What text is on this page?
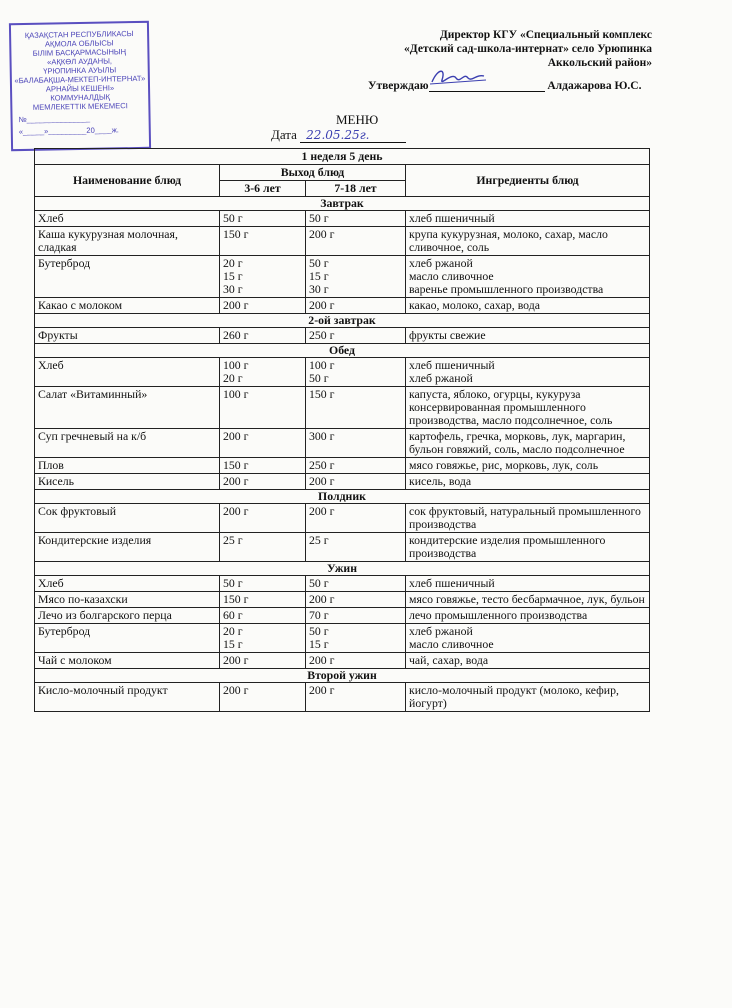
ҚАЗАҚСТАН РЕСПУБЛИКАСЫ
АҚМОЛА ОБЛЫСЫ
БІЛІМ БАСҚАРМАСЫНЫҢ
«АҚКӨЛ АУДАНЫ,
ҮРЮПИНКА АУЫЛЫ
«БАЛАБАҚША-МЕКТЕП-ИНТЕРНАТ»
АРНАЙЫ КЕШЕНІ»
КОММУНАЛДЫҚ
МЕМЛЕКЕТТІК МЕКЕМЕСІ
№_______________
«_____»_________20____ж.
Директор КГУ «Специальный комплекс
«Детский сад-школа-интернат» село Урюпинка
Аккольский район»
Утверждаю	Алдажарова Ю.С.
МЕНЮ
Дата 22.05.25г.
1 неделя 5 день			
Наименование блюд	Выход блюд		Ингредиенты блюд
	3-6 лет	7-18 лет	
Завтрак			
Хлеб	50 г	50 г	хлеб пшеничный
Каша кукурузная молочная, сладкая	150 г	200 г	крупа кукурузная, молоко, сахар, масло сливочное, соль
Бутерброд	20 г
15 г
30 г	50 г
15 г
30 г	хлеб ржаной
масло сливочное
варенье промышленного производства

Какао с молоком	200 г	200 г	какао, молоко, сахар, вода
2-ой завтрак			
Фрукты	260 г	250 г	фрукты свежие
Обед			
Хлеб	100 г
20 г	100 г
50 г	хлеб пшеничный
хлеб ржаной

Салат «Витаминный»	100 г	150 г	капуста, яблоко, огурцы, кукуруза консервированная промышленного производства, масло подсолнечное, соль
Суп гречневый на к/б	200 г	300 г	картофель, гречка, морковь, лук, маргарин, бульон говяжий, соль, масло подсолнечное
Плов	150 г	250 г	мясо говяжье, рис, морковь, лук, соль
Кисель	200 г	200 г	кисель, вода
Полдник			
Сок фруктовый	200 г	200 г	сок фруктовый, натуральный промышленного производства
Кондитерские изделия	25 г	25 г	кондитерские изделия промышленного производства
Ужин			
Хлеб	50 г	50 г	хлеб пшеничный
Мясо по-казахски	150 г	200 г	мясо говяжье, тесто бесбармачное, лук, бульон
Лечо из болгарского перца	60 г	70 г	лечо промышленного производства
Бутерброд	20 г
15 г	50 г
15 г	хлеб ржаной
масло сливочное

Чай с молоком	200 г	200 г	чай, сахар, вода
Второй ужин			
Кисло-молочный продукт	200 г	200 г	кисло-молочный продукт (молоко, кефир, йогурт)
